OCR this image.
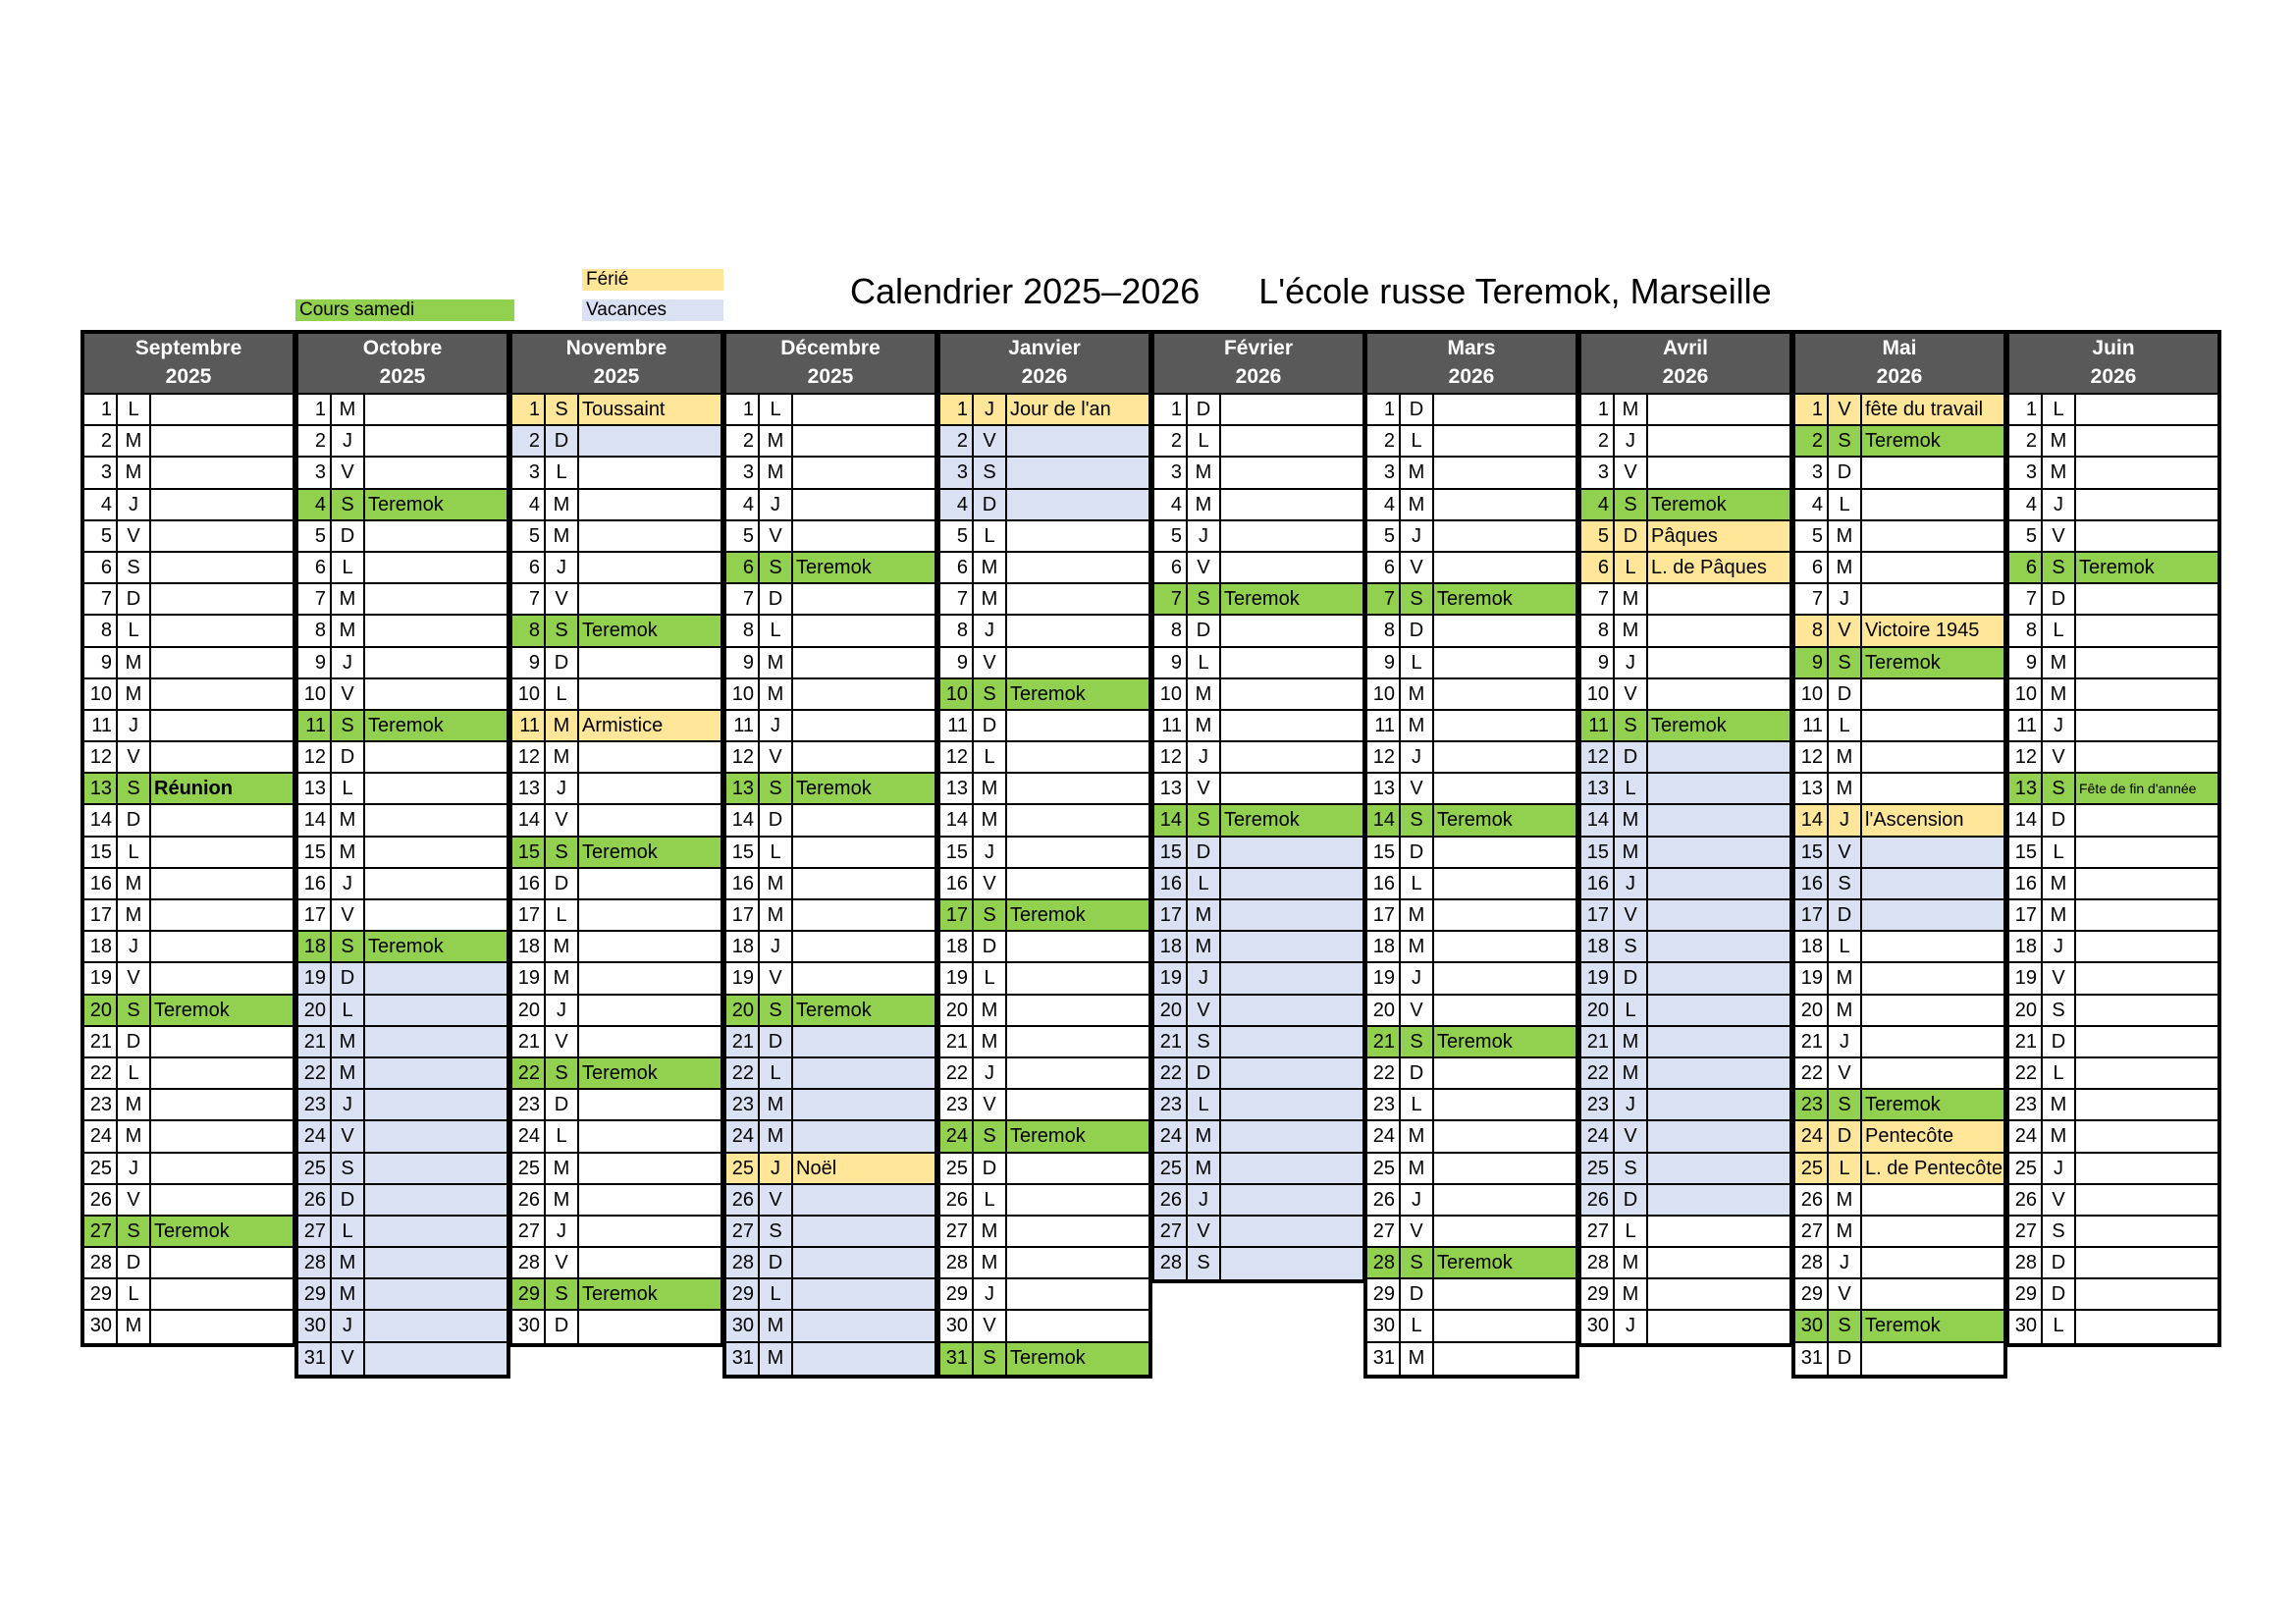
Calendrier 2025–2026 L'école russe Teremok, Marseille
Férié
Vacances
Cours samedi
Septembre
2025
1 L
2 M
3 M
4 J
5 V
6 S
7 D
8 L
9 M
10 M
11 J
12 V
13 S Réunion
14 D
15 L
16 M
17 M
18 J
19 V
20 S Teremok
21 D
22 L
23 M
24 M
25 J
26 V
27 S Teremok
28 D
29 L
30 M
Octobre
2025
1 M
2 J
3 V
4 S Teremok
5 D
6 L
7 M
8 M
9 J
10 V
11 S Teremok
12 D
13 L
14 M
15 M
16 J
17 V
18 S Teremok
19 D
20 L
21 M
22 M
23 J
24 V
25 S
26 D
27 L
28 M
29 M
30 J
31 V
Novembre
2025
1 S Toussaint
2 D
3 L
4 M
5 M
6 J
7 V
8 S Teremok
9 D
10 L
11 M Armistice
12 M
13 J
14 V
15 S Teremok
16 D
17 L
18 M
19 M
20 J
21 V
22 S Teremok
23 D
24 L
25 M
26 M
27 J
28 V
29 S Teremok
30 D
Décembre
2025
1 L
2 M
3 M
4 J
5 V
6 S Teremok
7 D
8 L
9 M
10 M
11 J
12 V
13 S Teremok
14 D
15 L
16 M
17 M
18 J
19 V
20 S Teremok
21 D
22 L
23 M
24 M
25 J Noël
26 V
27 S
28 D
29 L
30 M
31 M
Janvier
2026
1 J Jour de l'an
2 V
3 S
4 D
5 L
6 M
7 M
8 J
9 V
10 S Teremok
11 D
12 L
13 M
14 M
15 J
16 V
17 S Teremok
18 D
19 L
20 M
21 M
22 J
23 V
24 S Teremok
25 D
26 L
27 M
28 M
29 J
30 V
31 S Teremok
Février
2026
1 D
2 L
3 M
4 M
5 J
6 V
7 S Teremok
8 D
9 L
10 M
11 M
12 J
13 V
14 S Teremok
15 D
16 L
17 M
18 M
19 J
20 V
21 S
22 D
23 L
24 M
25 M
26 J
27 V
28 S
Mars
2026
1 D
2 L
3 M
4 M
5 J
6 V
7 S Teremok
8 D
9 L
10 M
11 M
12 J
13 V
14 S Teremok
15 D
16 L
17 M
18 M
19 J
20 V
21 S Teremok
22 D
23 L
24 M
25 M
26 J
27 V
28 S Teremok
29 D
30 L
31 M
Avril
2026
1 M
2 J
3 V
4 S Teremok
5 D Pâques
6 L L. de Pâques
7 M
8 M
9 J
10 V
11 S Teremok
12 D
13 L
14 M
15 M
16 J
17 V
18 S
19 D
20 L
21 M
22 M
23 J
24 V
25 S
26 D
27 L
28 M
29 M
30 J
Mai
2026
1 V fête du travail
2 S Teremok
3 D
4 L
5 M
6 M
7 J
8 V Victoire 1945
9 S Teremok
10 D
11 L
12 M
13 M
14 J l'Ascension
15 V
16 S
17 D
18 L
19 M
20 M
21 J
22 V
23 S Teremok
24 D Pentecôte
25 L L. de Pentecôte
26 M
27 M
28 J
29 V
30 S Teremok
31 D
Juin
2026
1 L
2 M
3 M
4 J
5 V
6 S Teremok
7 D
8 L
9 M
10 M
11 J
12 V
13 S	Fête de fin d'année
14 D
15 L
16 M
17 M
18 J
19 V
20 S
21 D
22 L
23 M
24 M
25 J
26 V
27 S
28 D
29 D
30 L
